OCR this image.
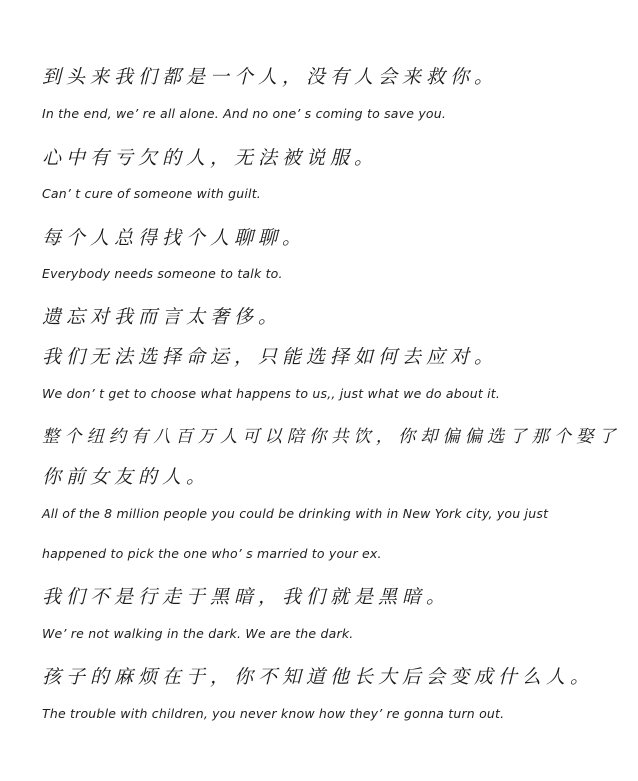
到头来我们都是一个人，没有人会来救你。
In the end, we’ re all alone. And no one’ s coming to save you.
心中有亏欠的人，无法被说服。
Can’ t cure of someone with guilt.
每个人总得找个人聊聊。
Everybody needs someone to talk to.
遗忘对我而言太奢侈。
我们无法选择命运，只能选择如何去应对。
We don’ t get to choose what happens to us,, just what we do about it.
整个纽约有八百万人可以陪你共饮，你却偏偏选了那个娶了
你前女友的人。
All of the 8 million people you could be drinking with in New York city, you just
happened to pick the one who’ s married to your ex.
我们不是行走于黑暗，我们就是黑暗。
We’ re not walking in the dark. We are the dark.
孩子的麻烦在于，你不知道他长大后会变成什么人。
The trouble with children, you never know how they’ re gonna turn out.
